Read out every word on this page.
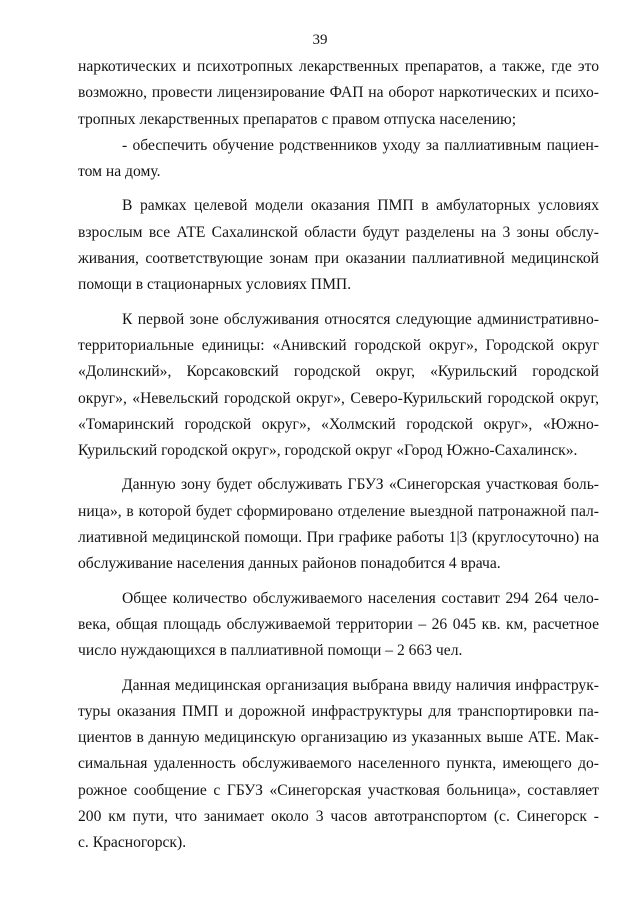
39
наркотических и психотропных лекарственных препаратов, а также, где это
возможно, провести лицензирование ФАП на оборот наркотических и психо-
тропных лекарственных препаратов с правом отпуска населению;
- обеспечить обучение родственников уходу за паллиативным пациен-
том на дому.
В рамках целевой модели оказания ПМП в амбулаторных условиях
взрослым все АТЕ Сахалинской области будут разделены на 3 зоны обслу-
живания, соответствующие зонам при оказании паллиативной медицинской
помощи в стационарных условиях ПМП.
К первой зоне обслуживания относятся следующие административно-
территориальные единицы: «Анивский городской округ», Городской округ
«Долинский», Корсаковский городской округ, «Курильский городской
округ», «Невельский городской округ», Северо-Курильский городской округ,
«Томаринский городской округ», «Холмский городской округ», «Южно-
Курильский городской округ», городской округ «Город Южно-Сахалинск».
Данную зону будет обслуживать ГБУЗ «Синегорская участковая боль-
ница», в которой будет сформировано отделение выездной патронажной пал-
лиативной медицинской помощи. При графике работы 1|3 (круглосуточно) на
обслуживание населения данных районов понадобится 4 врача.
Общее количество обслуживаемого населения составит 294 264 чело-
века, общая площадь обслуживаемой территории – 26 045 кв. км, расчетное
число нуждающихся в паллиативной помощи – 2 663 чел.
Данная медицинская организация выбрана ввиду наличия инфраструк-
туры оказания ПМП и дорожной инфраструктуры для транспортировки па-
циентов в данную медицинскую организацию из указанных выше АТЕ. Мак-
симальная удаленность обслуживаемого населенного пункта, имеющего до-
рожное сообщение с ГБУЗ «Синегорская участковая больница», составляет
200 км пути, что занимает около 3 часов автотранспортом (с. Синегорск -
с. Красногорск).
